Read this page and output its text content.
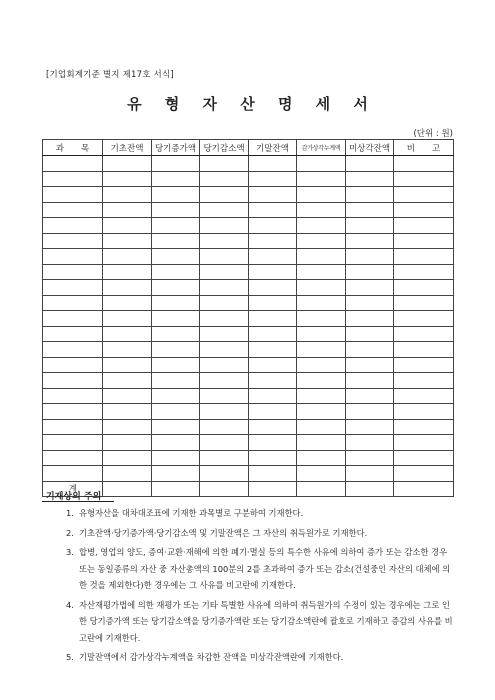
[기업회계기준 별지 제17호 서식]
유 형 자 산 명 세 서
(단위 : 원)
과　　목	기초잔액	당기증가액	당기감소액	기말잔액	감가상각누계액	미상각잔액	비　　고

계							
기재상의 주의
1. 유형자산을 대차대조표에 기재한 과목별로 구분하여 기재한다.
2. 기초잔액·당기증가액·당기감소액 및 기말잔액은 그 자산의 취득원가로 기재한다.
3. 합병, 영업의 양도, 증여·교환·재해에 의한 폐기·멸실 등의 특수한 사유에 의하여 증가 또는 감소한 경우 또는 동일종류의 자산 중 자산총액의 100분의 2를 초과하여 증가 또는 감소(건설중인 자산의 대체에 의한 것을 제외한다)한 경우에는 그 사유를 비고란에 기재한다.
4. 자산재평가법에 의한 재평가 또는 기타 특별한 사유에 의하여 취득원가의 수정이 있는 경우에는 그로 인한 당기증가액 또는 당기감소액을 당기증가액란 또는 당기감소액란에 괄호로 기재하고 증감의 사유를 비고란에 기재한다.
5. 기말잔액에서 감가상각누계액을 차감한 잔액을 미상각잔액란에 기재한다.
